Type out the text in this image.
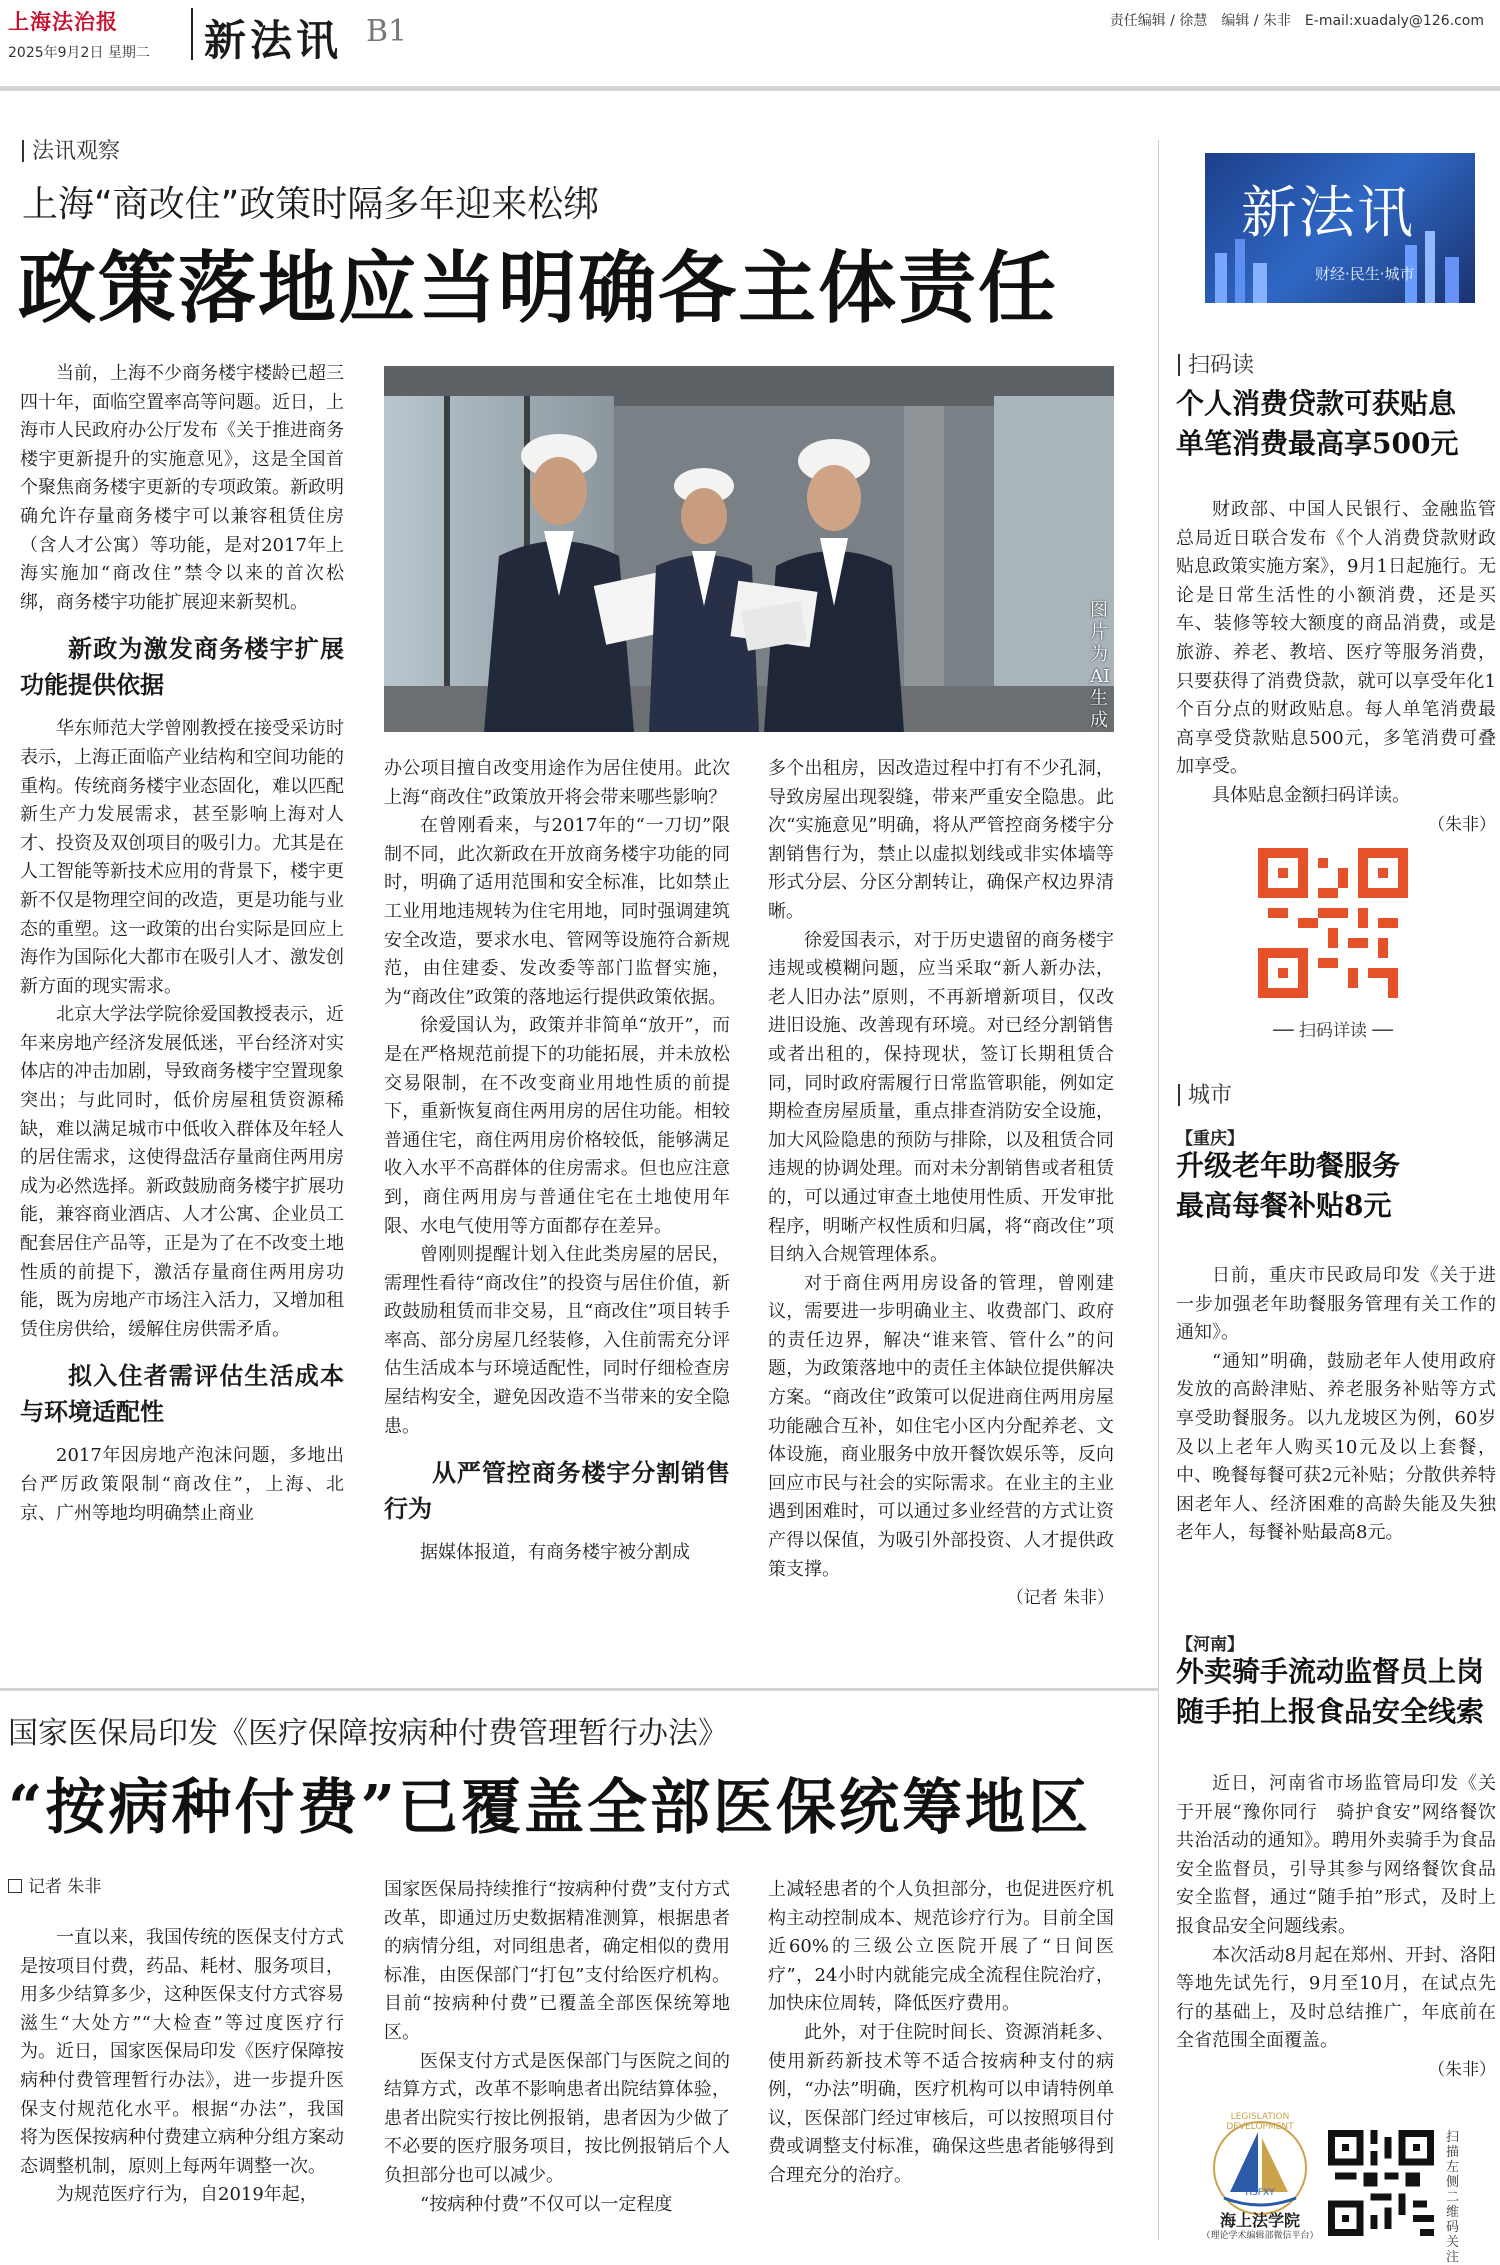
上海法治报
2025年9月2日 星期二 新法讯 B1	责任编辑 / 徐慧　编辑 / 朱非　E-mail:xuadaly@126.com
法讯观察
上海“商改住”政策时隔多年迎来松绑
政策落地应当明确各主体责任

当前，上海不少商务楼宇楼龄已超三四十年，面临空置率高等问题。近日，上海市人民政府办公厅发布《关于推进商务楼宇更新提升的实施意见》，这是全国首个聚焦商务楼宇更新的专项政策。新政明确允许存量商务楼宇可以兼容租赁住房（含人才公寓）等功能，是对2017年上海实施加“商改住”禁令以来的首次松绑，商务楼宇功能扩展迎来新契机。

新政为激发商务楼宇扩展功能提供依据

华东师范大学曾刚教授在接受采访时表示，上海正面临产业结构和空间功能的重构。传统商务楼宇业态固化，难以匹配新生产力发展需求，甚至影响上海对人才、投资及双创项目的吸引力。尤其是在人工智能等新技术应用的背景下，楼宇更新不仅是物理空间的改造，更是功能与业态的重塑。这一政策的出台实际是回应上海作为国际化大都市在吸引人才、激发创新方面的现实需求。

北京大学法学院徐爱国教授表示，近年来房地产经济发展低迷，平台经济对实体店的冲击加剧，导致商务楼宇空置现象突出；与此同时，低价房屋租赁资源稀缺，难以满足城市中低收入群体及年轻人的居住需求，这使得盘活存量商住两用房成为必然选择。新政鼓励商务楼宇扩展功能，兼容商业酒店、人才公寓、企业员工配套居住产品等，正是为了在不改变土地性质的前提下，激活存量商住两用房功能，既为房地产市场注入活力，又增加租赁住房供给，缓解住房供需矛盾。

拟入住者需评估生活成本与环境适配性

2017年因房地产泡沫问题，多地出台严厉政策限制“商改住”，上海、北京、广州等地均明确禁止商业

图片为AI生成

办公项目擅自改变用途作为居住使用。此次上海“商改住”政策放开将会带来哪些影响？

在曾刚看来，与2017年的“一刀切”限制不同，此次新政在开放商务楼宇功能的同时，明确了适用范围和安全标准，比如禁止工业用地违规转为住宅用地，同时强调建筑安全改造，要求水电、管网等设施符合新规范，由住建委、发改委等部门监督实施，为“商改住”政策的落地运行提供政策依据。

徐爱国认为，政策并非简单“放开”，而是在严格规范前提下的功能拓展，并未放松交易限制，在不改变商业用地性质的前提下，重新恢复商住两用房的居住功能。相较普通住宅，商住两用房价格较低，能够满足收入水平不高群体的住房需求。但也应注意到，商住两用房与普通住宅在土地使用年限、水电气使用等方面都存在差异。

曾刚则提醒计划入住此类房屋的居民，需理性看待“商改住”的投资与居住价值，新政鼓励租赁而非交易，且“商改住”项目转手率高、部分房屋几经装修，入住前需充分评估生活成本与环境适配性，同时仔细检查房屋结构安全，避免因改造不当带来的安全隐患。

从严管控商务楼宇分割销售行为

据媒体报道，有商务楼宇被分割成

多个出租房，因改造过程中打有不少孔洞，导致房屋出现裂缝，带来严重安全隐患。此次“实施意见”明确，将从严管控商务楼宇分割销售行为，禁止以虚拟划线或非实体墙等形式分层、分区分割转让，确保产权边界清晰。

徐爱国表示，对于历史遗留的商务楼宇违规或模糊问题，应当采取“新人新办法，老人旧办法”原则，不再新增新项目，仅改进旧设施、改善现有环境。对已经分割销售或者出租的，保持现状，签订长期租赁合同，同时政府需履行日常监管职能，例如定期检查房屋质量，重点排查消防安全设施，加大风险隐患的预防与排除，以及租赁合同违规的协调处理。而对未分割销售或者租赁的，可以通过审查土地使用性质、开发审批程序，明晰产权性质和归属，将“商改住”项目纳入合规管理体系。

对于商住两用房设备的管理，曾刚建议，需要进一步明确业主、收费部门、政府的责任边界，解决“谁来管、管什么”的问题，为政策落地中的责任主体缺位提供解决方案。“商改住”政策可以促进商住两用房屋功能融合互补，如住宅小区内分配养老、文体设施，商业服务中放开餐饮娱乐等，反向回应市民与社会的实际需求。在业主的主业遇到困难时，可以通过多业经营的方式让资产得以保值，为吸引外部投资、人才提供政策支撑。

（记者 朱非）

新法讯
财经·民生·城市
扫码读
个人消费贷款可获贴息
单笔消费最高享500元

财政部、中国人民银行、金融监管总局近日联合发布《个人消费贷款财政贴息政策实施方案》，9月1日起施行。无论是日常生活性的小额消费，还是买车、装修等较大额度的商品消费，或是旅游、养老、教培、医疗等服务消费，只要获得了消费贷款，就可以享受年化1个百分点的财政贴息。每人单笔消费最高享受贷款贴息500元，多笔消费可叠加享受。

具体贴息金额扫码详读。

（朱非）

── 扫码详读 ──
城市
【重庆】
升级老年助餐服务
最高每餐补贴8元

日前，重庆市民政局印发《关于进一步加强老年助餐服务管理有关工作的通知》。

“通知”明确，鼓励老年人使用政府发放的高龄津贴、养老服务补贴等方式享受助餐服务。以九龙坡区为例，60岁及以上老年人购买10元及以上套餐，中、晚餐每餐可获2元补贴；分散供养特困老年人、经济困难的高龄失能及失独老年人，每餐补贴最高8元。

【河南】
外卖骑手流动监督员上岗
随手拍上报食品安全线索

近日，河南省市场监管局印发《关于开展“豫你同行　骑护食安”网络餐饮共治活动的通知》。聘用外卖骑手为食品安全监督员，引导其参与网络餐饮食品安全监督，通过“随手拍”形式，及时上报食品安全问题线索。

本次活动8月起在郑州、开封、洛阳等地先试先行，9月至10月，在试点先行的基础上，及时总结推广，年底前在全省范围全面覆盖。

（朱非）

LEGISLATION DEVELOPMENT
HSFXY
海上法学院
（理论学术编辑部微信平台）
扫描左侧二维码关注
国家医保局印发《医疗保障按病种付费管理暂行办法》
“按病种付费”已覆盖全部医保统筹地区
记者 朱非

一直以来，我国传统的医保支付方式是按项目付费，药品、耗材、服务项目，用多少结算多少，这种医保支付方式容易滋生“大处方”“大检查”等过度医疗行为。近日，国家医保局印发《医疗保障按病种付费管理暂行办法》，进一步提升医保支付规范化水平。根据“办法”，我国将为医保按病种付费建立病种分组方案动态调整机制，原则上每两年调整一次。

为规范医疗行为，自2019年起，

国家医保局持续推行“按病种付费”支付方式改革，即通过历史数据精准测算，根据患者的病情分组，对同组患者，确定相似的费用标准，由医保部门“打包”支付给医疗机构。目前“按病种付费”已覆盖全部医保统筹地区。

医保支付方式是医保部门与医院之间的结算方式，改革不影响患者出院结算体验，患者出院实行按比例报销，患者因为少做了不必要的医疗服务项目，按比例报销后个人负担部分也可以减少。

“按病种付费”不仅可以一定程度

上减轻患者的个人负担部分，也促进医疗机构主动控制成本、规范诊疗行为。目前全国近60%的三级公立医院开展了“日间医疗”，24小时内就能完成全流程住院治疗，加快床位周转，降低医疗费用。

此外，对于住院时间长、资源消耗多、使用新药新技术等不适合按病种支付的病例，“办法”明确，医疗机构可以申请特例单议，医保部门经过审核后，可以按照项目付费或调整支付标准，确保这些患者能够得到合理充分的治疗。
